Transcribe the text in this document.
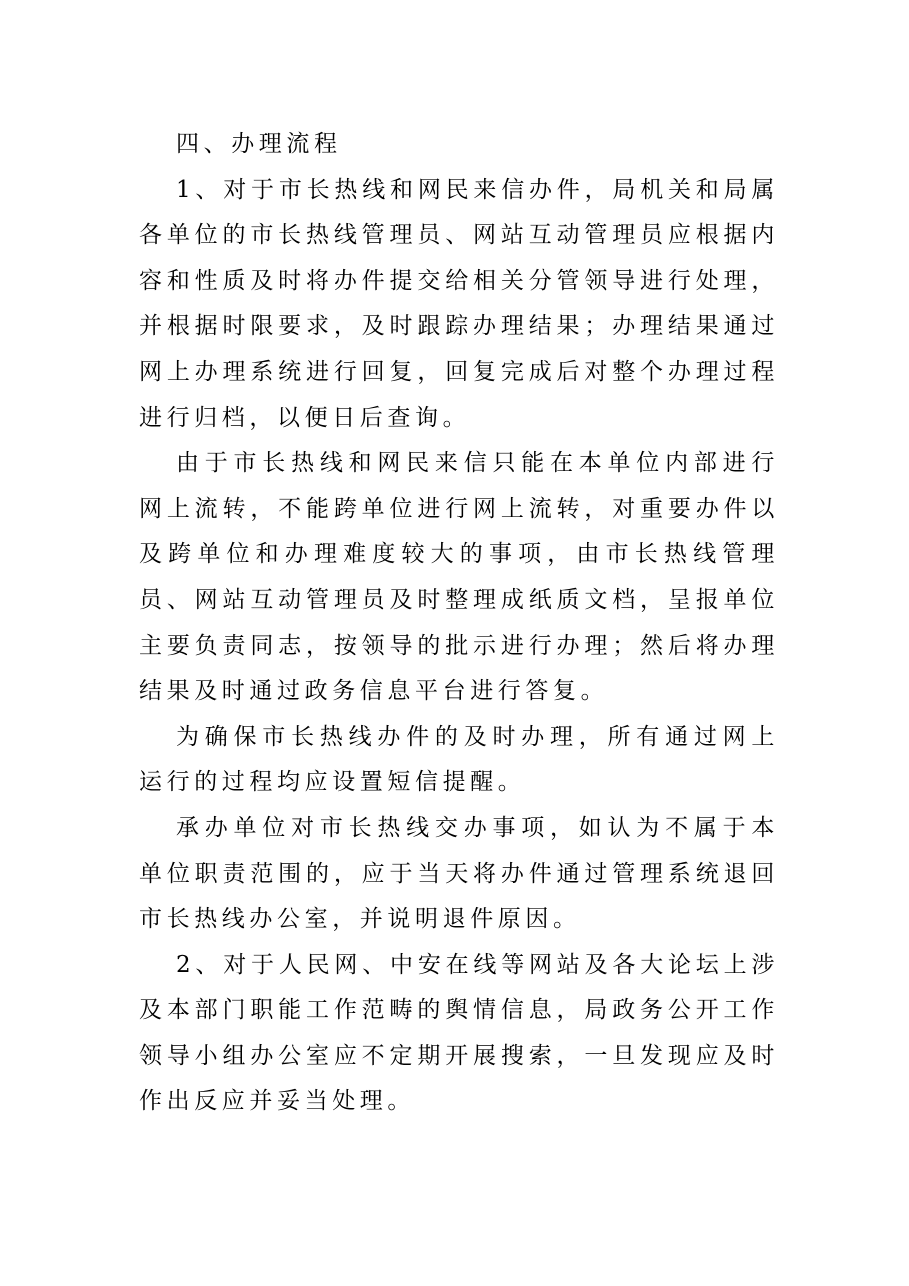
四、办理流程

1、对于市长热线和网民来信办件，局机关和局属各单位的市长热线管理员、网站互动管理员应根据内容和性质及时将办件提交给相关分管领导进行处理，并根据时限要求，及时跟踪办理结果；办理结果通过网上办理系统进行回复，回复完成后对整个办理过程进行归档，以便日后查询。

由于市长热线和网民来信只能在本单位内部进行网上流转，不能跨单位进行网上流转，对重要办件以及跨单位和办理难度较大的事项，由市长热线管理员、网站互动管理员及时整理成纸质文档，呈报单位主要负责同志，按领导的批示进行办理；然后将办理结果及时通过政务信息平台进行答复。

为确保市长热线办件的及时办理，所有通过网上运行的过程均应设置短信提醒。

承办单位对市长热线交办事项，如认为不属于本单位职责范围的，应于当天将办件通过管理系统退回市长热线办公室，并说明退件原因。

2、对于人民网、中安在线等网站及各大论坛上涉及本部门职能工作范畴的舆情信息，局政务公开工作领导小组办公室应不定期开展搜索，一旦发现应及时作出反应并妥当处理。
